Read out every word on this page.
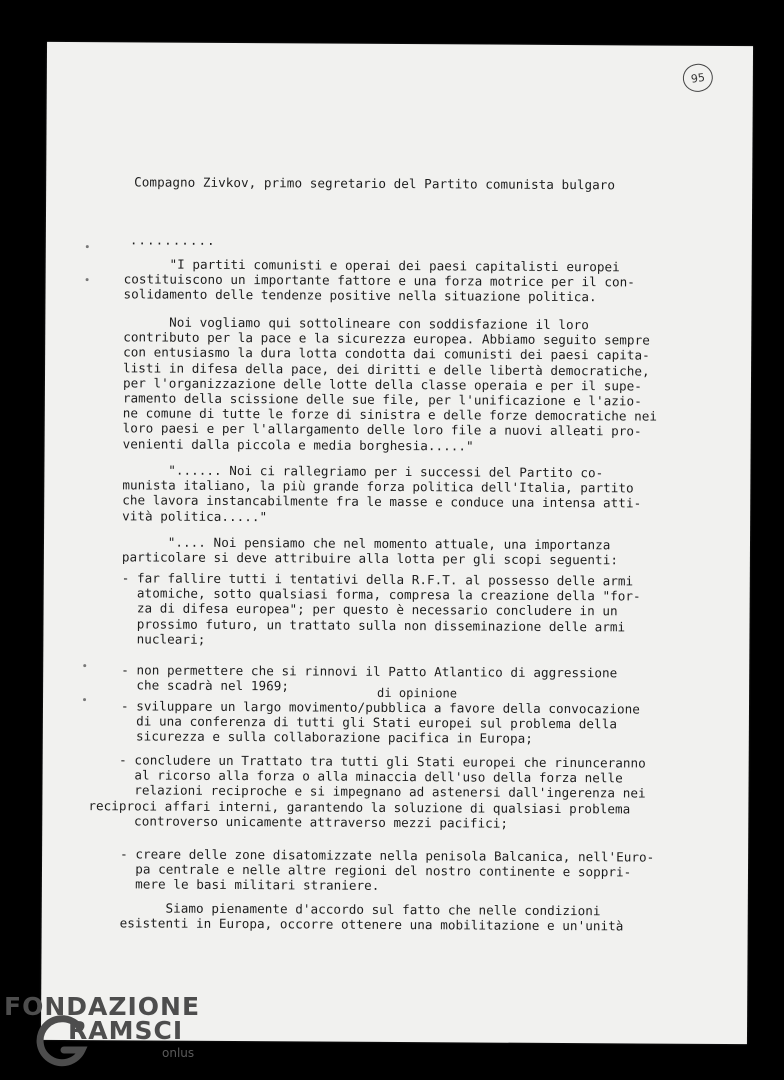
95
Compagno Zivkov, primo segretario del Partito comunista bulgaro
..........
"I partiti comunisti e operai dei paesi capitalisti europei
costituiscono un importante fattore e una forza motrice per il con-
solidamento delle tendenze positive nella situazione politica.
Noi vogliamo qui sottolineare con soddisfazione il loro
contributo per la pace e la sicurezza europea. Abbiamo seguito sempre
con entusiasmo la dura lotta condotta dai comunisti dei paesi capita-
listi in difesa della pace, dei diritti e delle libertà democratiche,
per l'organizzazione delle lotte della classe operaia e per il supe-
ramento della scissione delle sue file, per l'unificazione e l'azio-
ne comune di tutte le forze di sinistra e delle forze democratiche nei
loro paesi e per l'allargamento delle loro file a nuovi alleati pro-
venienti dalla piccola e media borghesia....."
"...... Noi ci rallegriamo per i successi del Partito co-
munista italiano, la più grande forza politica dell'Italia, partito
che lavora instancabilmente fra le masse e conduce una intensa atti-
vità politica....."
".... Noi pensiamo che nel momento attuale, una importanza
particolare si deve attribuire alla lotta per gli scopi seguenti:
- far fallire tutti i tentativi della R.F.T. al possesso delle armi
atomiche, sotto qualsiasi forma, compresa la creazione della "for-
za di difesa europea"; per questo è necessario concludere in un
prossimo futuro, un trattato sulla non disseminazione delle armi
nucleari;
- non permettere che si rinnovi il Patto Atlantico di aggressione
che scadrà nel 1969;	di opinione
- sviluppare un largo movimento/pubblica a favore della convocazione
di una conferenza di tutti gli Stati europei sul problema della
sicurezza e sulla collaborazione pacifica in Europa;
- concludere un Trattato tra tutti gli Stati europei che rinunceranno
al ricorso alla forza o alla minaccia dell'uso della forza nelle
relazioni reciproche e si impegnano ad astenersi dall'ingerenza nei
reciproci affari interni, garantendo la soluzione di qualsiasi problema
controverso unicamente attraverso mezzi pacifici;
- creare delle zone disatomizzate nella penisola Balcanica, nell'Euro-
pa centrale e nelle altre regioni del nostro continente e soppri-
mere le basi militari straniere.
Siamo pienamente d'accordo sul fatto che nelle condizioni
esistenti in Europa, occorre ottenere una mobilitazione e un'unità
FONDAZIONE
RAMSCI
onlus
